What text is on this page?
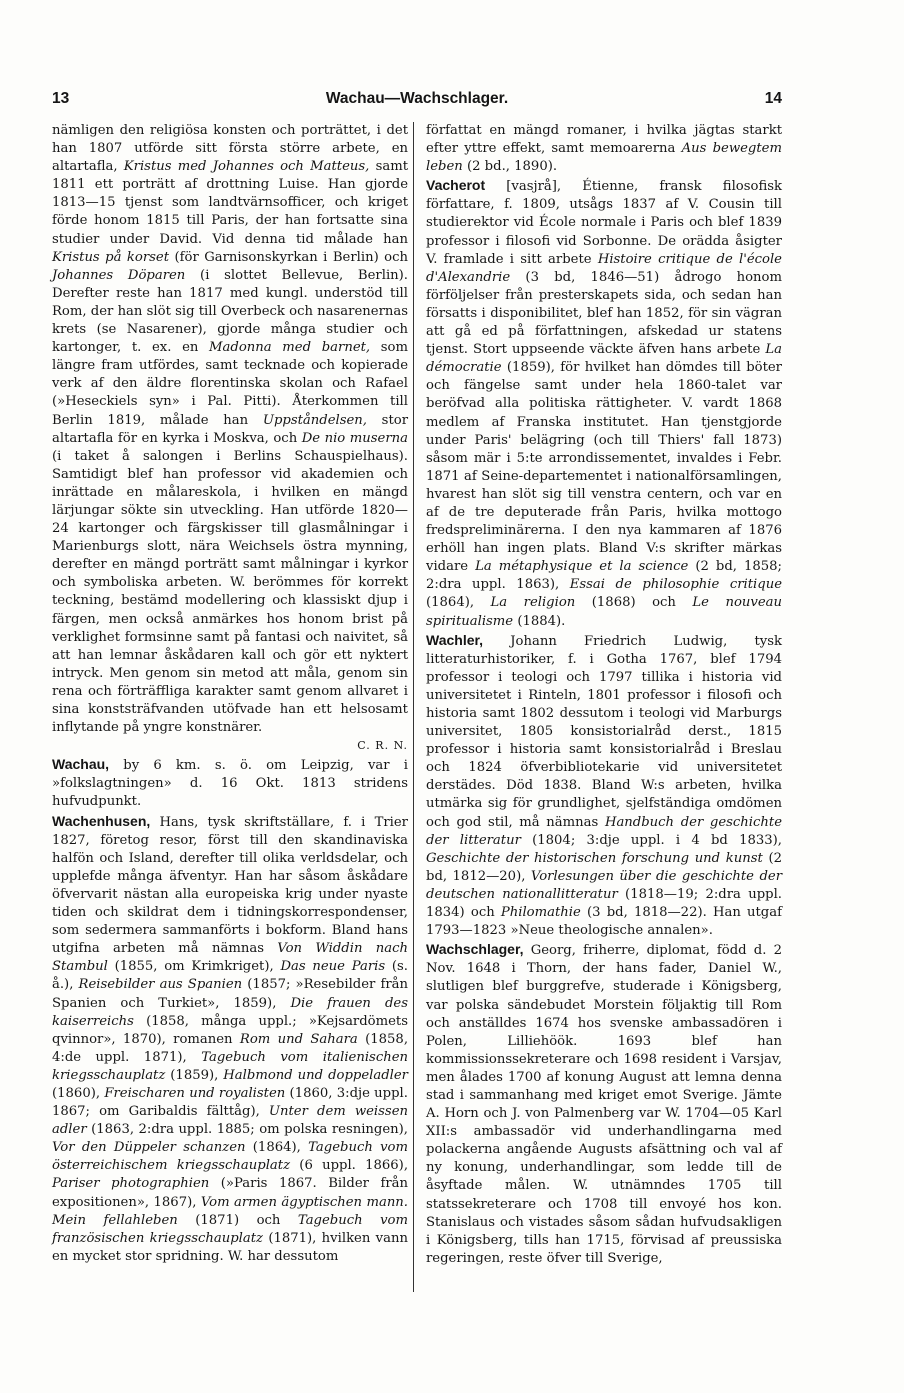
13	Wachau—Wachschlager.	14

nämligen den religiösa konsten och porträttet, i det han 1807 utförde sitt första större arbete, en altartafla, Kristus med Johannes och Matteus, samt 1811 ett porträtt af drottning Luise. Han gjorde 1813—15 tjenst som landtvärnsofficer, och kriget förde honom 1815 till Paris, der han fortsatte sina studier under David. Vid denna tid målade han Kristus på korset (för Garnisonskyrkan i Berlin) och Johannes Döparen (i slottet Bellevue, Berlin). Derefter reste han 1817 med kungl. understöd till Rom, der han slöt sig till Overbeck och nasarenernas krets (se Nasarener), gjorde många studier och kartonger, t. ex. en Madonna med barnet, som längre fram utfördes, samt tecknade och kopierade verk af den äldre florentinska skolan och Rafael (»Heseckiels syn» i Pal. Pitti). Återkommen till Berlin 1819, målade han Uppståndelsen, stor altartafla för en kyrka i Moskva, och De nio muserna (i taket å salongen i Berlins Schauspielhaus). Samtidigt blef han professor vid akademien och inrättade en målareskola, i hvilken en mängd lärjungar sökte sin utveckling. Han utförde 1820—24 kartonger och färgskisser till glasmålningar i Marienburgs slott, nära Weichsels östra mynning, derefter en mängd porträtt samt målningar i kyrkor och symboliska arbeten. W. berömmes för korrekt teckning, bestämd modellering och klassiskt djup i färgen, men också anmärkes hos honom brist på verklighet formsinne samt på fantasi och naivitet, så att han lemnar åskådaren kall och gör ett nyktert intryck. Men genom sin metod att måla, genom sin rena och förträffliga karakter samt genom allvaret i sina konststräfvanden utöfvade han ett helsosamt inflytande på yngre konstnärer.

C. R. N.

Wachau, by 6 km. s. ö. om Leipzig, var i »folkslagtningen» d. 16 Okt. 1813 stridens hufvudpunkt.

Wachenhusen, Hans, tysk skriftställare, f. i Trier 1827, företog resor, först till den skandinaviska halfön och Island, derefter till olika verldsdelar, och upplefde många äfventyr. Han har såsom åskådare öfvervarit nästan alla europeiska krig under nyaste tiden och skildrat dem i tidningskorrespondenser, som sedermera sammanförts i bokform. Bland hans utgifna arbeten må nämnas Von Widdin nach Stambul (1855, om Krimkriget), Das neue Paris (s. å.), Reisebilder aus Spanien (1857; »Resebilder från Spanien och Turkiet», 1859), Die frauen des kaiserreichs (1858, många uppl.; »Kejsardömets qvinnor», 1870), romanen Rom und Sahara (1858, 4:de uppl. 1871), Tagebuch vom italienischen kriegsschauplatz (1859), Halbmond und doppeladler (1860), Freischaren und royalisten (1860, 3:dje uppl. 1867; om Garibaldis fälttåg), Unter dem weissen adler (1863, 2:dra uppl. 1885; om polska resningen), Vor den Düppeler schanzen (1864), Tagebuch vom österreichischem kriegsschauplatz (6 uppl. 1866), Pariser photographien (»Paris 1867. Bilder från expositionen», 1867), Vom armen ägyptischen mann. Mein fellahleben (1871) och Tagebuch vom französischen kriegsschauplatz (1871), hvilken vann en mycket stor spridning. W. har dessutom

författat en mängd romaner, i hvilka jägtas starkt efter yttre effekt, samt memoarerna Aus bewegtem leben (2 bd., 1890).

Vacherot [vasjrå], Étienne, fransk filosofisk författare, f. 1809, utsågs 1837 af V. Cousin till studierektor vid École normale i Paris och blef 1839 professor i filosofi vid Sorbonne. De orädda åsigter V. framlade i sitt arbete Histoire critique de l'école d'Alexandrie (3 bd, 1846—51) ådrogo honom förföljelser från presterskapets sida, och sedan han försatts i disponibilitet, blef han 1852, för sin vägran att gå ed på författningen, afskedad ur statens tjenst. Stort uppseende väckte äfven hans arbete La démocratie (1859), för hvilket han dömdes till böter och fängelse samt under hela 1860-talet var beröfvad alla politiska rättigheter. V. vardt 1868 medlem af Franska institutet. Han tjenstgjorde under Paris' belägring (och till Thiers' fall 1873) såsom mär i 5:te arrondissementet, invaldes i Febr. 1871 af Seine-departementet i nationalförsamlingen, hvarest han slöt sig till venstra centern, och var en af de tre deputerade från Paris, hvilka mottogo fredspreliminärerna. I den nya kammaren af 1876 erhöll han ingen plats. Bland V:s skrifter märkas vidare La métaphysique et la science (2 bd, 1858; 2:dra uppl. 1863), Essai de philosophie critique (1864), La religion (1868) och Le nouveau spiritualisme (1884).

Wachler, Johann Friedrich Ludwig, tysk litteraturhistoriker, f. i Gotha 1767, blef 1794 professor i teologi och 1797 tillika i historia vid universitetet i Rinteln, 1801 professor i filosofi och historia samt 1802 dessutom i teologi vid Marburgs universitet, 1805 konsistorialråd derst., 1815 professor i historia samt konsistorialråd i Breslau och 1824 öfverbibliotekarie vid universitetet derstädes. Död 1838. Bland W:s arbeten, hvilka utmärka sig för grundlighet, sjelfständiga omdömen och god stil, må nämnas Handbuch der geschichte der litteratur (1804; 3:dje uppl. i 4 bd 1833), Geschichte der historischen forschung und kunst (2 bd, 1812—20), Vorlesungen über die geschichte der deutschen nationallitteratur (1818—19; 2:dra uppl. 1834) och Philomathie (3 bd, 1818—22). Han utgaf 1793—1823 »Neue theologische annalen».

Wachschlager, Georg, friherre, diplomat, född d. 2 Nov. 1648 i Thorn, der hans fader, Daniel W., slutligen blef burggrefve, studerade i Königsberg, var polska sändebudet Morstein följaktig till Rom och anställdes 1674 hos svenske ambassadören i Polen, Lilliehöök. 1693 blef han kommissionssekreterare och 1698 resident i Varsjav, men ålades 1700 af konung August att lemna denna stad i sammanhang med kriget emot Sverige. Jämte A. Horn och J. von Palmenberg var W. 1704—05 Karl XII:s ambassadör vid underhandlingarna med polackerna angående Augusts afsättning och val af ny konung, underhandlingar, som ledde till de åsyftade målen. W. utnämndes 1705 till statssekreterare och 1708 till envoyé hos kon. Stanislaus och vistades såsom sådan hufvudsakligen i Königsberg, tills han 1715, förvisad af preussiska regeringen, reste öfver till Sverige,
